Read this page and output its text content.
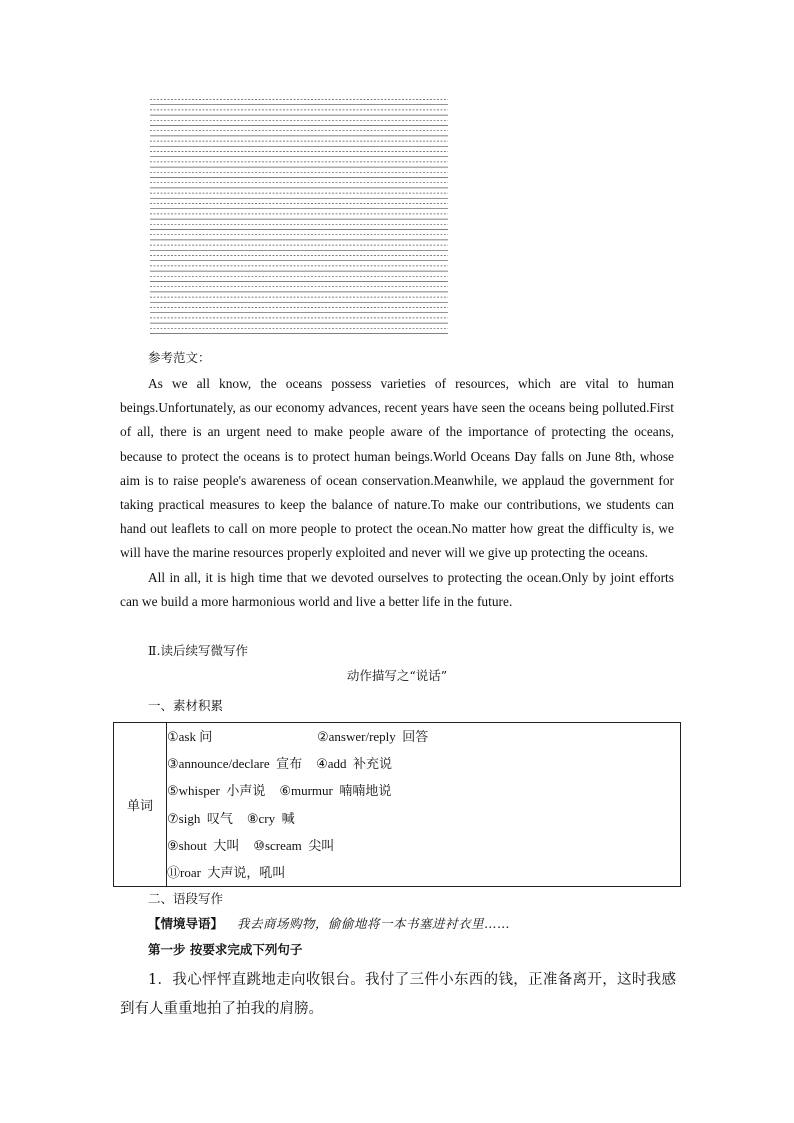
参考范文：

As we all know, the oceans possess varieties of resources, which are vital to human beings.Unfortunately, as our economy advances, recent years have seen the oceans being polluted.First of all, there is an urgent need to make people aware of the importance of protecting the oceans, because to protect the oceans is to protect human beings.World Oceans Day falls on June 8th, whose aim is to raise people's awareness of ocean conservation.Meanwhile, we applaud the government for taking practical measures to keep the balance of nature.To make our contributions, we students can hand out leaflets to call on more people to protect the ocean.No matter how great the difficulty is, we will have the marine resources properly exploited and never will we give up protecting the oceans.

All in all, it is high time that we devoted ourselves to protecting the ocean.Only by joint efforts can we build a more harmonious world and live a better life in the future.

Ⅱ.读后续写微写作
动作描写之“说话”
一、素材积累
单词	
①ask 问	②answer/reply  回答
③announce/declare  宣布 ④add  补充说
⑤whisper  小声说 ⑥murmur  喃喃地说
⑦sigh  叹气 ⑧cry  喊
⑨shout  大叫 ⑩scream  尖叫
⑪roar  大声说，吼叫
二、语段写作
【情境导语】 我去商场购物，偷偷地将一本书塞进衬衣里……
第一步 按要求完成下列句子

1．我心怦怦直跳地走向收银台。我付了三件小东西的钱，正准备离开，这时我感到有人重重地拍了拍我的肩膀。
